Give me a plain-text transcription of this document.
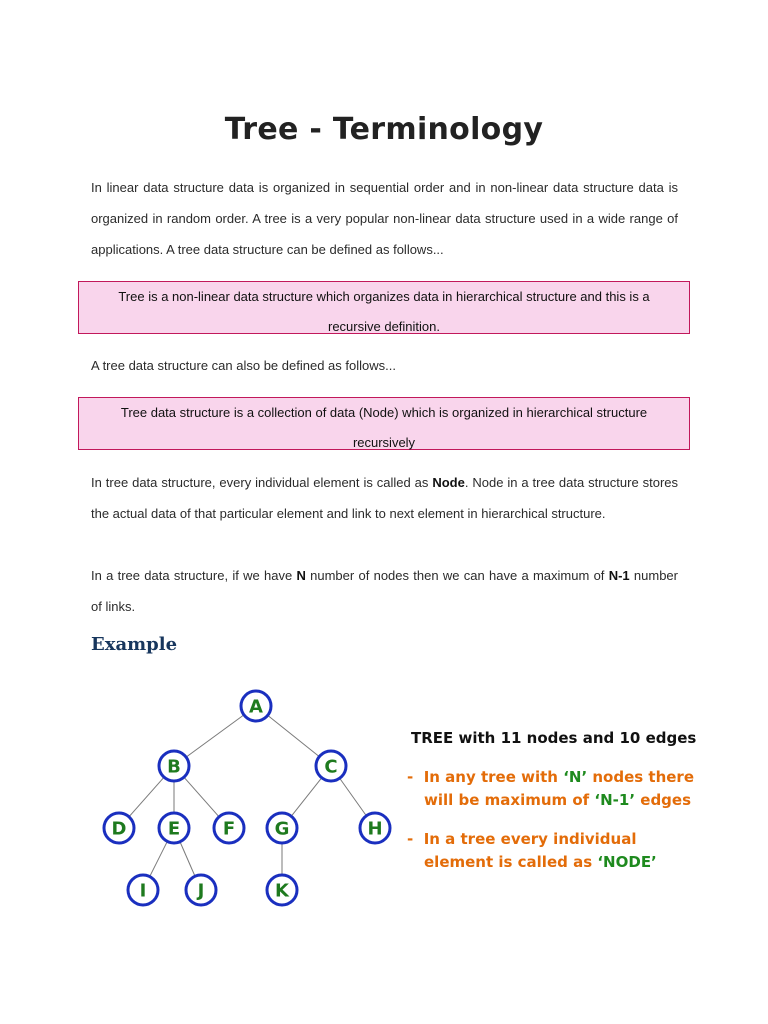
Tree - Terminology

In linear data structure data is organized in sequential order and in non-linear data structure data is organized in random order. A tree is a very popular non-linear data structure used in a wide range of applications. A tree data structure can be defined as follows...

Tree is a non-linear data structure which organizes data in hierarchical structure and this is a recursive definition.

A tree data structure can also be defined as follows...

Tree data structure is a collection of data (Node) which is organized in hierarchical structure recursively

In tree data structure, every individual element is called as Node. Node in a tree data structure stores the actual data of that particular element and link to next element in hierarchical structure.

In a tree data structure, if we have N number of nodes then we can have a maximum of N-1 number of links.

Example
A
B	C
D E F G	H
I	J	K

TREE with 11 nodes and 10 edges

- In any tree with ‘N’ nodes there
will be maximum of ‘N-1’ edges
- In a tree every individual
element is called as ‘NODE’
